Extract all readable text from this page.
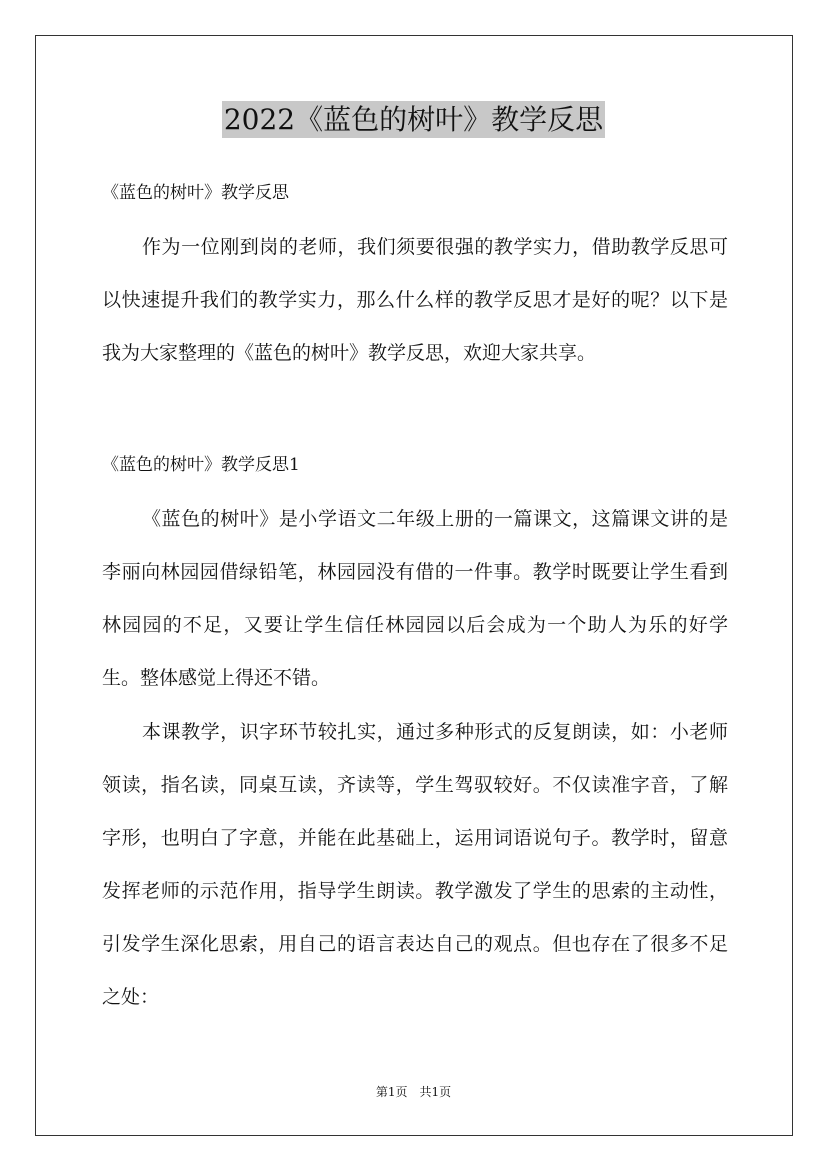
2022《蓝色的树叶》教学反思
《蓝色的树叶》教学反思

作为一位刚到岗的老师，我们须要很强的教学实力，借助教学反思可以快速提升我们的教学实力，那么什么样的教学反思才是好的呢？以下是我为大家整理的《蓝色的树叶》教学反思，欢迎大家共享。

《蓝色的树叶》教学反思1

《蓝色的树叶》是小学语文二年级上册的一篇课文，这篇课文讲的是李丽向林园园借绿铅笔，林园园没有借的一件事。教学时既要让学生看到林园园的不足，又要让学生信任林园园以后会成为一个助人为乐的好学生。整体感觉上得还不错。

本课教学，识字环节较扎实，通过多种形式的反复朗读，如：小老师领读，指名读，同桌互读，齐读等，学生驾驭较好。不仅读准字音，了解字形，也明白了字意，并能在此基础上，运用词语说句子。教学时，留意发挥老师的示范作用，指导学生朗读。教学激发了学生的思索的主动性，引发学生深化思索，用自己的语言表达自己的观点。但也存在了很多不足之处：

第1页　共1页
